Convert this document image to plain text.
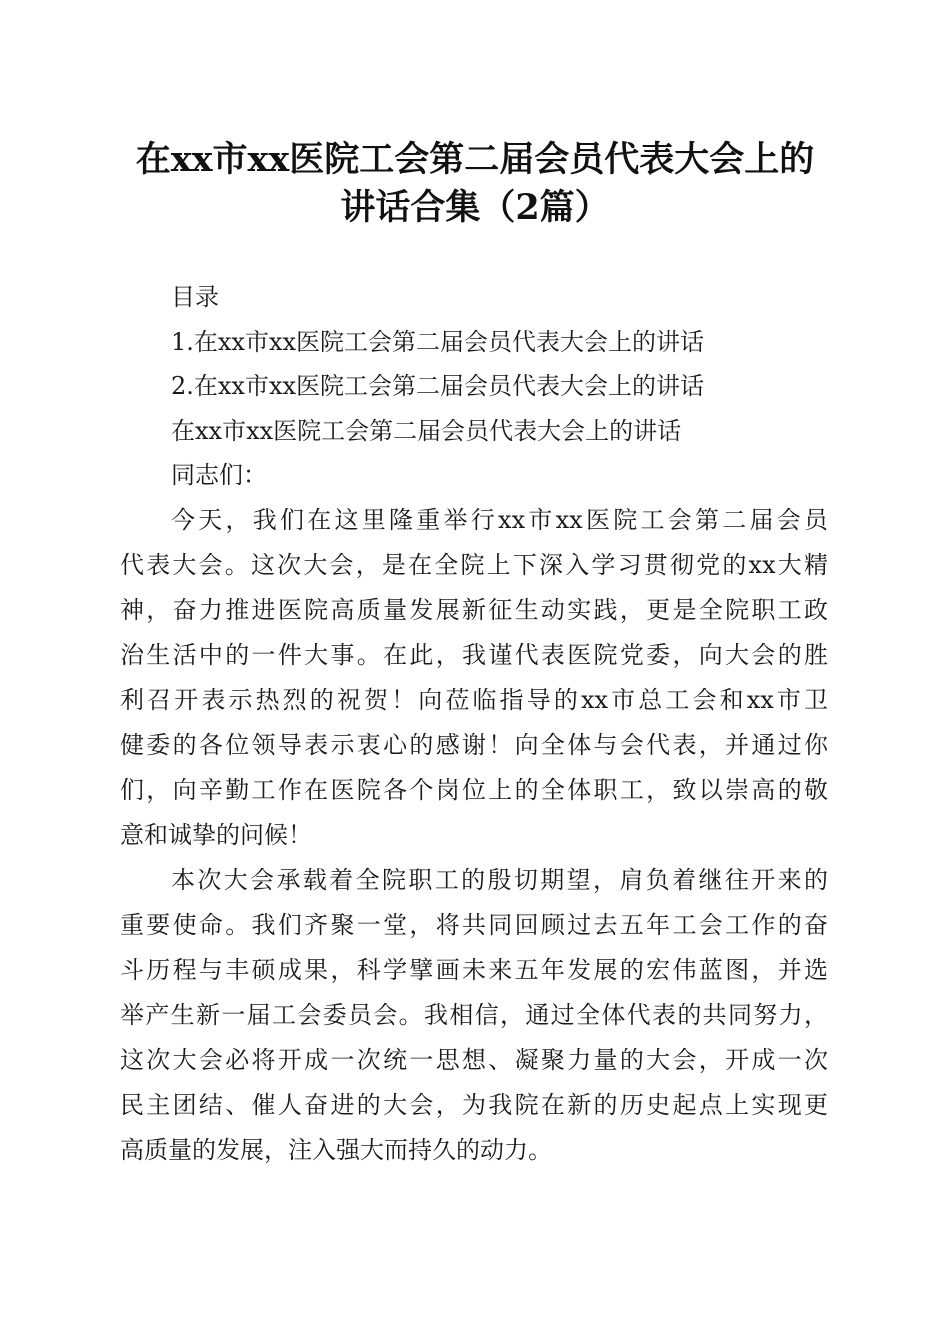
在xx市xx医院工会第二届会员代表大会上的
讲话合集（2篇）
目录
1.在xx市xx医院工会第二届会员代表大会上的讲话
2.在xx市xx医院工会第二届会员代表大会上的讲话
在xx市xx医院工会第二届会员代表大会上的讲话
同志们：
今天，我们在这里隆重举行xx市xx医院工会第二届会员
代表大会。这次大会，是在全院上下深入学习贯彻党的xx大精
神，奋力推进医院高质量发展新征生动实践，更是全院职工政
治生活中的一件大事。在此，我谨代表医院党委，向大会的胜
利召开表示热烈的祝贺！向莅临指导的xx市总工会和xx市卫
健委的各位领导表示衷心的感谢！向全体与会代表，并通过你
们，向辛勤工作在医院各个岗位上的全体职工，致以崇高的敬
意和诚挚的问候！
本次大会承载着全院职工的殷切期望，肩负着继往开来的
重要使命。我们齐聚一堂，将共同回顾过去五年工会工作的奋
斗历程与丰硕成果，科学擘画未来五年发展的宏伟蓝图，并选
举产生新一届工会委员会。我相信，通过全体代表的共同努力，
这次大会必将开成一次统一思想、凝聚力量的大会，开成一次
民主团结、催人奋进的大会，为我院在新的历史起点上实现更
高质量的发展，注入强大而持久的动力。
